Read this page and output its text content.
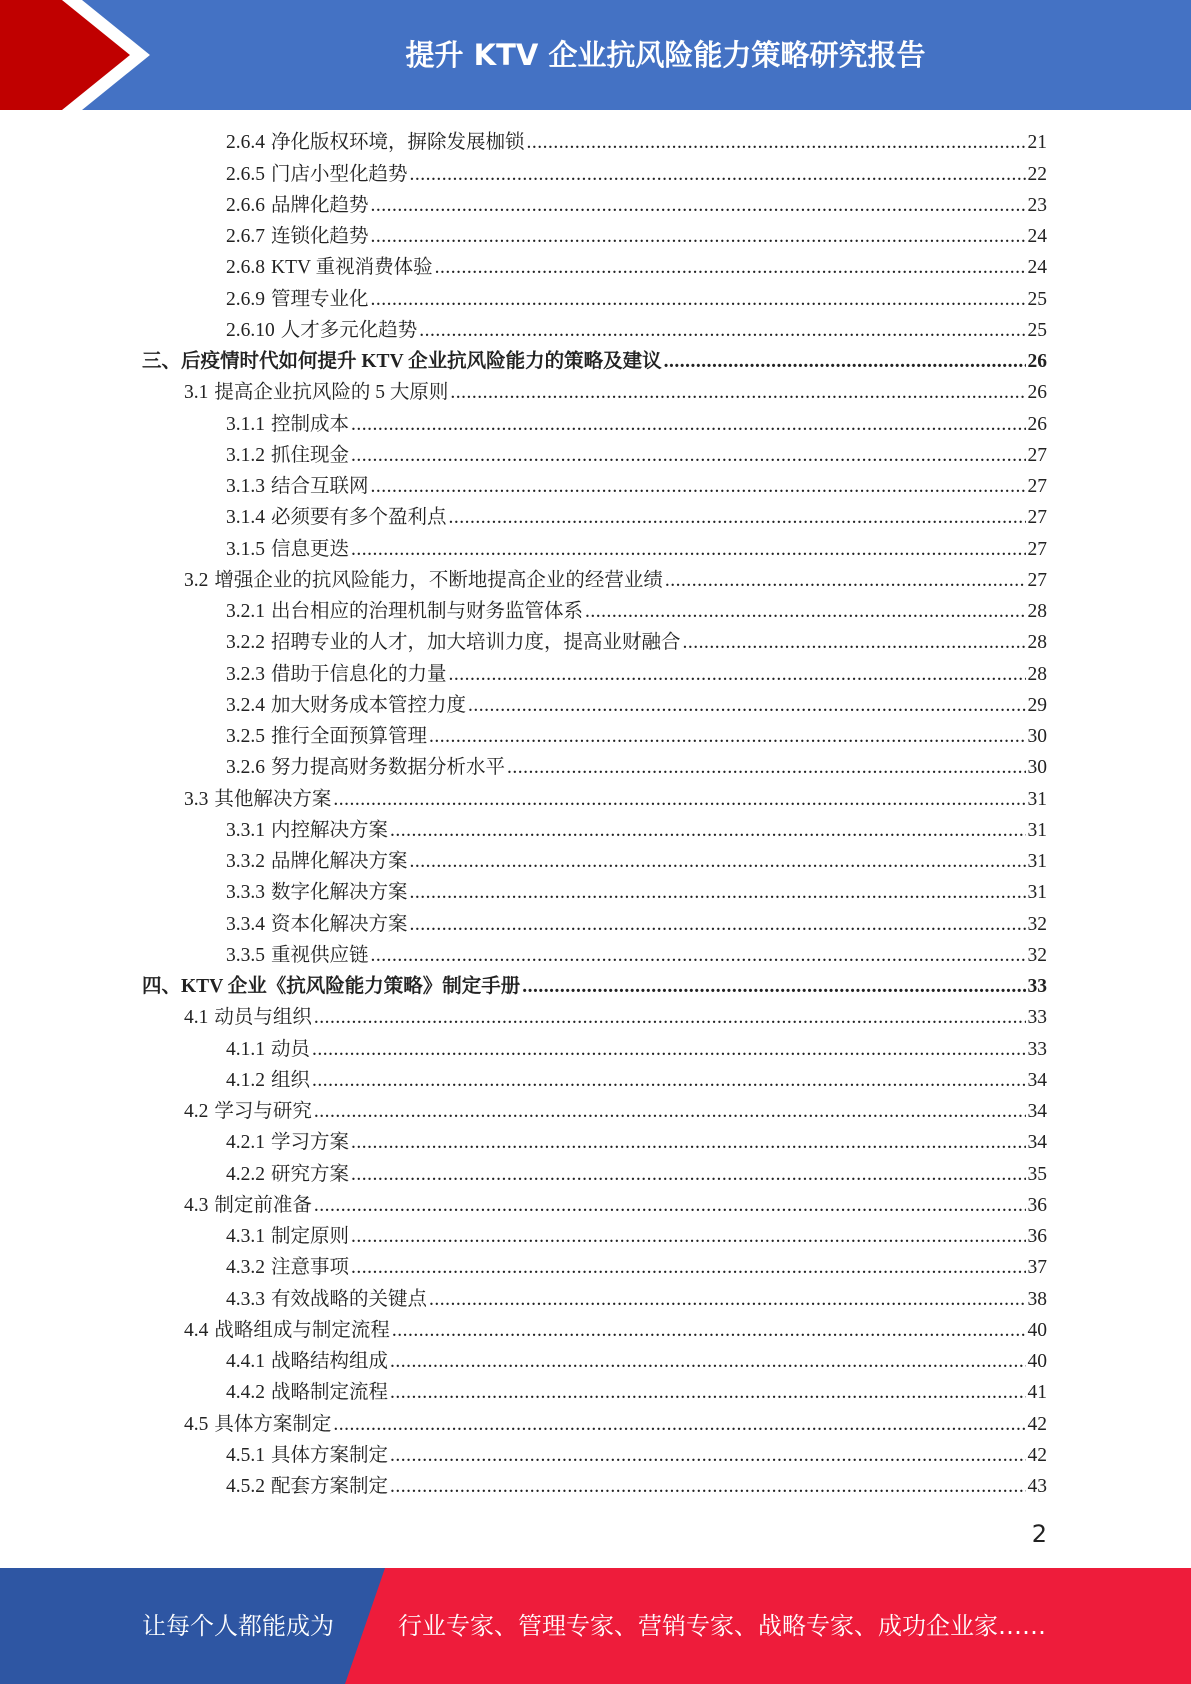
提升 KTV 企业抗风险能力策略研究报告
2.6.4 净化版权环境，摒除发展枷锁 .....	21
2.6.5 门店小型化趋势 .....	22
2.6.6 品牌化趋势 .....	23
2.6.7 连锁化趋势 .....	24
2.6.8 KTV 重视消费体验 .....	24
2.6.9 管理专业化 .....	25
2.6.10 人才多元化趋势 .....	25
三、 后疫情时代如何提升 KTV 企业抗风险能力的策略及建议 .....	26
3.1 提高企业抗风险的 5 大原则 .....	26
3.1.1 控制成本 .....	26
3.1.2 抓住现金 .....	27
3.1.3 结合互联网 .....	27
3.1.4 必须要有多个盈利点 .....	27
3.1.5 信息更迭 .....	27
3.2 增强企业的抗风险能力，不断地提高企业的经营业绩 .....	27
3.2.1 出台相应的治理机制与财务监管体系 .....	28
3.2.2 招聘专业的人才，加大培训力度，提高业财融合 .....	28
3.2.3 借助于信息化的力量 .....	28
3.2.4 加大财务成本管控力度 .....	29
3.2.5 推行全面预算管理 .....	30
3.2.6 努力提高财务数据分析水平 .....	30
3.3 其他解决方案 .....	31
3.3.1 内控解决方案 .....	31
3.3.2 品牌化解决方案 .....	31
3.3.3 数字化解决方案 .....	31
3.3.4 资本化解决方案 .....	32
3.3.5 重视供应链 .....	32
四、 KTV 企业《抗风险能力策略》制定手册 .....	33
4.1 动员与组织 .....	33
4.1.1 动员 .....	33
4.1.2 组织 .....	34
4.2 学习与研究 .....	34
4.2.1 学习方案 .....	34
4.2.2 研究方案 .....	35
4.3 制定前准备 .....	36
4.3.1 制定原则 .....	36
4.3.2 注意事项 .....	37
4.3.3 有效战略的关键点 .....	38
4.4 战略组成与制定流程 .....	40
4.4.1 战略结构组成 .....	40
4.4.2 战略制定流程 .....	41
4.5 具体方案制定 .....	42
4.5.1 具体方案制定 .....	42
4.5.2 配套方案制定 .....	43
2
让每个人都能成为	行业专家、管理专家、营销专家、战略专家、成功企业家……
